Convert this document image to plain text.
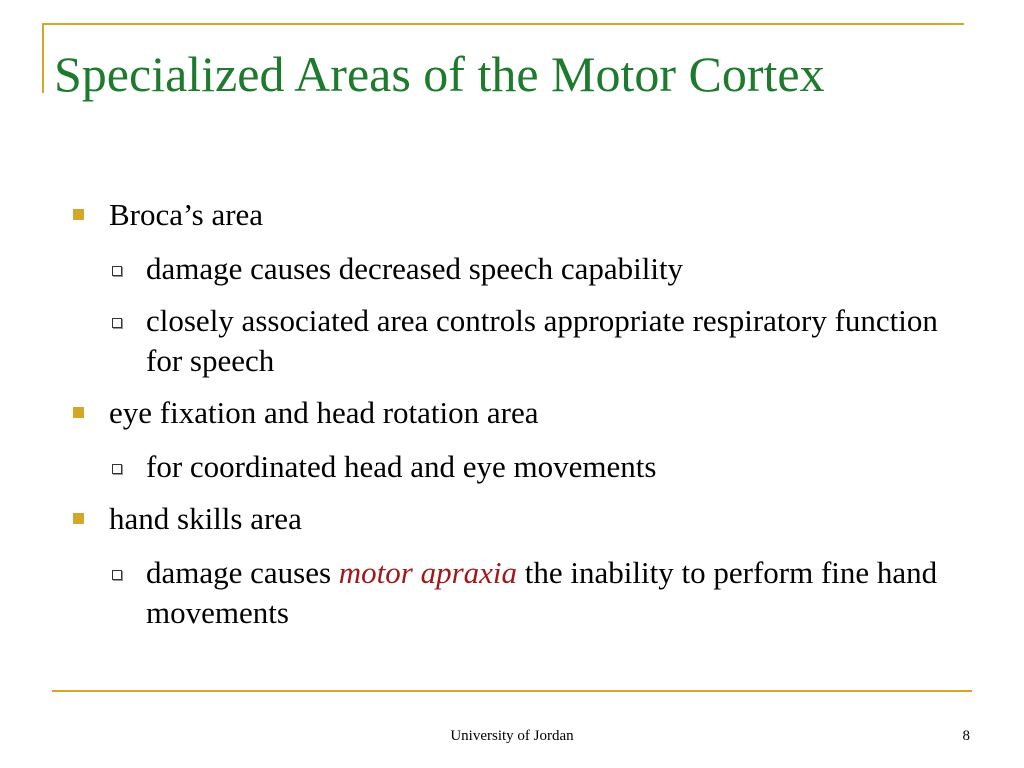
Specialized Areas of the Motor Cortex
Broca’s area
damage causes decreased speech capability
closely associated area controls appropriate respiratory function for speech
eye fixation and head rotation area
for coordinated head and eye movements
hand skills area
damage causes motor apraxia the inability to perform fine hand movements
University of Jordan	8
